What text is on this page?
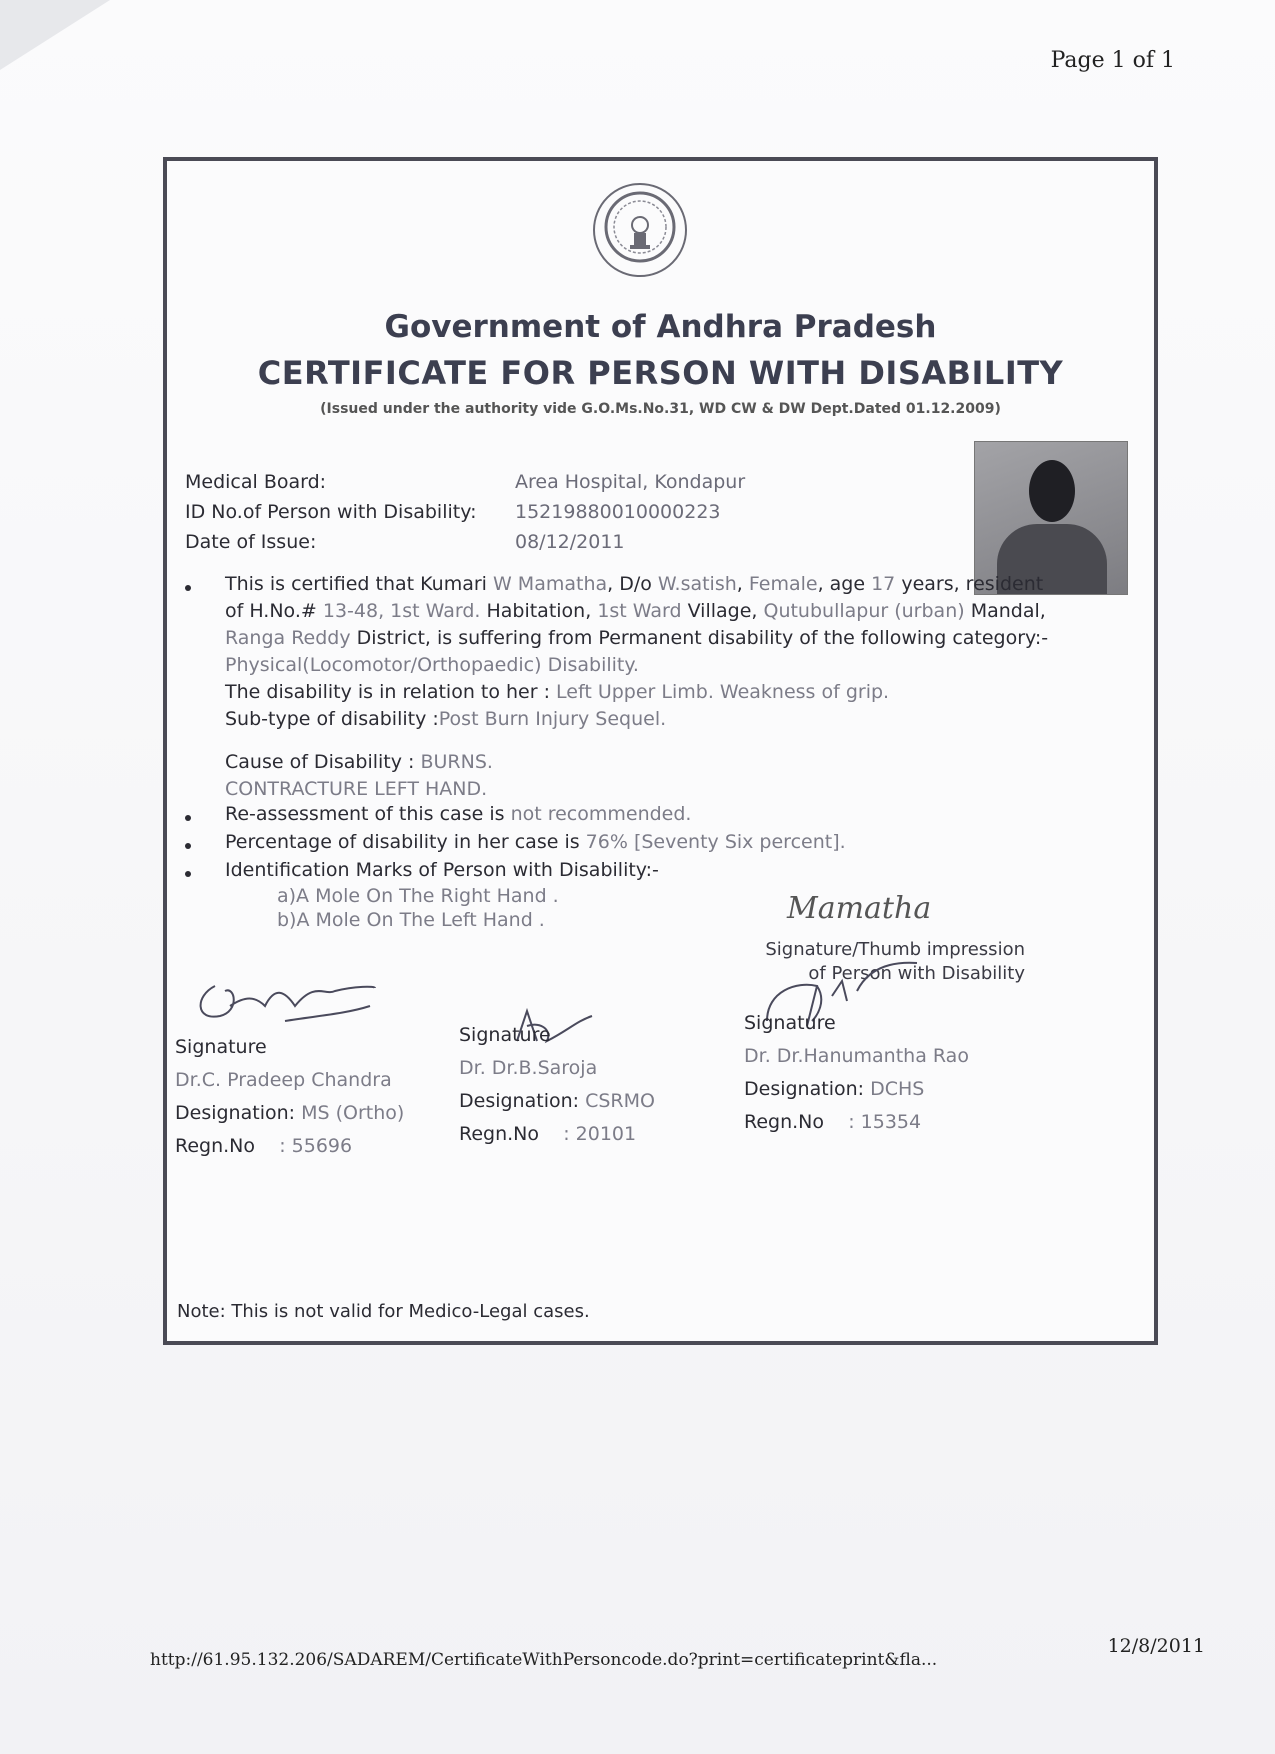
Page 1 of 1
Government of Andhra Pradesh
CERTIFICATE FOR PERSON WITH DISABILITY
(Issued under the authority vide G.O.Ms.No.31, WD CW & DW Dept.Dated 01.12.2009)
Medical Board:	Area Hospital, Kondapur
ID No.of Person with Disability: 15219880010000223
Date of Issue:	08/12/2011
This is certified that Kumari W Mamatha, D/o W.satish, Female, age 17 years, resident
of H.No.# 13-48, 1st Ward. Habitation, 1st Ward Village, Qutubullapur (urban) Mandal,
Ranga Reddy District, is suffering from Permanent disability of the following category:-
Physical(Locomotor/Orthopaedic) Disability.
The disability is in relation to her : Left Upper Limb. Weakness of grip.
Sub-type of disability :Post Burn Injury Sequel.
Cause of Disability : BURNS.
CONTRACTURE LEFT HAND.
Re-assessment of this case is not recommended.
Percentage of disability in her case is 76% [Seventy Six percent].
Identification Marks of Person with Disability:-
a)A Mole On The Right Hand .
b)A Mole On The Left Hand .	Mamatha
Signature/Thumb impression
of Person with Disability
Signature
Dr.C. Pradeep Chandra
Designation: MS (Ortho)
Regn.No : 55696
Signature
Dr. Dr.B.Saroja
Designation: CSRMO
Regn.No : 20101
Signature
Dr. Dr.Hanumantha Rao
Designation: DCHS
Regn.No : 15354
Note: This is not valid for Medico-Legal cases.
http://61.95.132.206/SADAREM/CertificateWithPersoncode.do?print=certificateprint&fla...
12/8/2011
